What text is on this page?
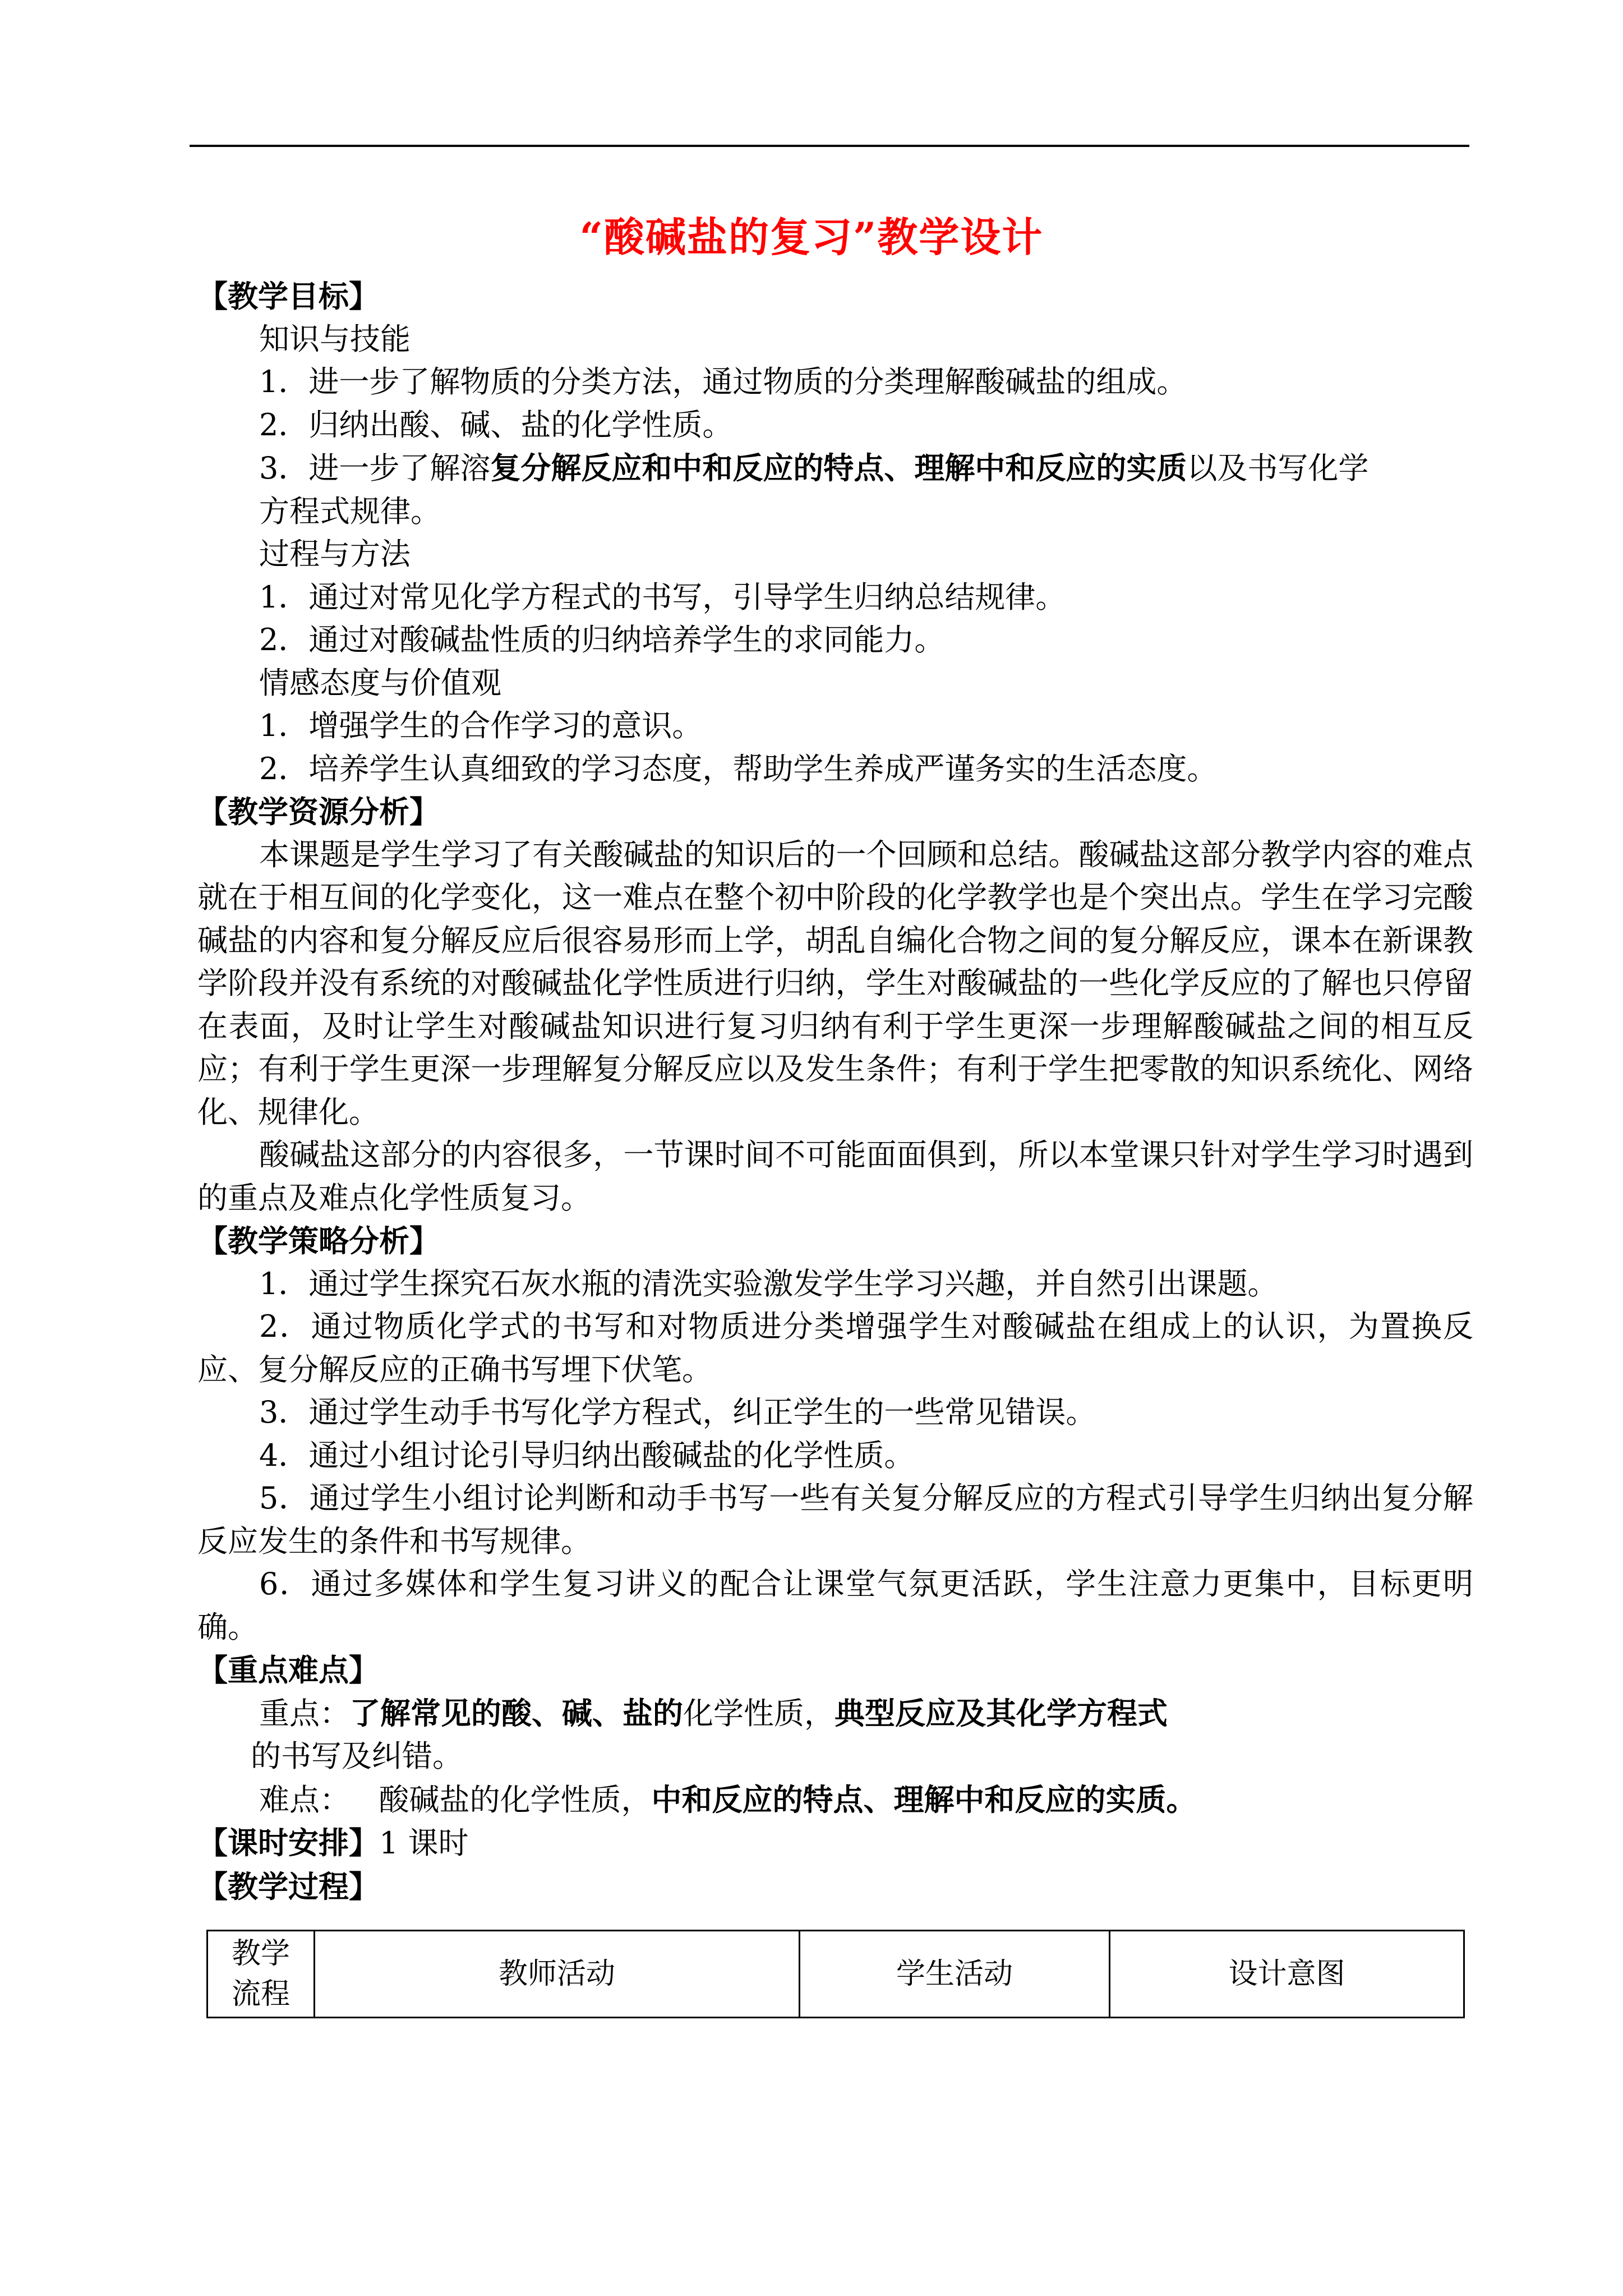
“酸碱盐的复习”教学设计

【教学目标】

知识与技能

1．进一步了解物质的分类方法，通过物质的分类理解酸碱盐的组成。

2．归纳出酸、碱、盐的化学性质。

3．进一步了解溶复分解反应和中和反应的特点、理解中和反应的实质以及书写化学

方程式规律。

过程与方法

1．通过对常见化学方程式的书写，引导学生归纳总结规律。

2．通过对酸碱盐性质的归纳培养学生的求同能力。

情感态度与价值观

1．增强学生的合作学习的意识。

2．培养学生认真细致的学习态度，帮助学生养成严谨务实的生活态度。

【教学资源分析】

本课题是学生学习了有关酸碱盐的知识后的一个回顾和总结。酸碱盐这部分教学内容的难点就在于相互间的化学变化，这一难点在整个初中阶段的化学教学也是个突出点。学生在学习完酸碱盐的内容和复分解反应后很容易形而上学，胡乱自编化合物之间的复分解反应，课本在新课教学阶段并没有系统的对酸碱盐化学性质进行归纳，学生对酸碱盐的一些化学反应的了解也只停留在表面，及时让学生对酸碱盐知识进行复习归纳有利于学生更深一步理解酸碱盐之间的相互反应；有利于学生更深一步理解复分解反应以及发生条件；有利于学生把零散的知识系统化、网络化、规律化。

酸碱盐这部分的内容很多，一节课时间不可能面面俱到，所以本堂课只针对学生学习时遇到的重点及难点化学性质复习。

【教学策略分析】

1．通过学生探究石灰水瓶的清洗实验激发学生学习兴趣，并自然引出课题。

2．通过物质化学式的书写和对物质进分类增强学生对酸碱盐在组成上的认识，为置换反应、复分解反应的正确书写埋下伏笔。

3．通过学生动手书写化学方程式，纠正学生的一些常见错误。

4．通过小组讨论引导归纳出酸碱盐的化学性质。

5．通过学生小组讨论判断和动手书写一些有关复分解反应的方程式引导学生归纳出复分解反应发生的条件和书写规律。

6．通过多媒体和学生复习讲义的配合让课堂气氛更活跃，学生注意力更集中，目标更明确。

【重点难点】

重点：了解常见的酸、碱、盐的化学性质，典型反应及其化学方程式

的书写及纠错。

难点：   酸碱盐的化学性质，中和反应的特点、理解中和反应的实质。

【课时安排】1 课时

【教学过程】

教学
流程
	教师活动	学生活动	设计意图
